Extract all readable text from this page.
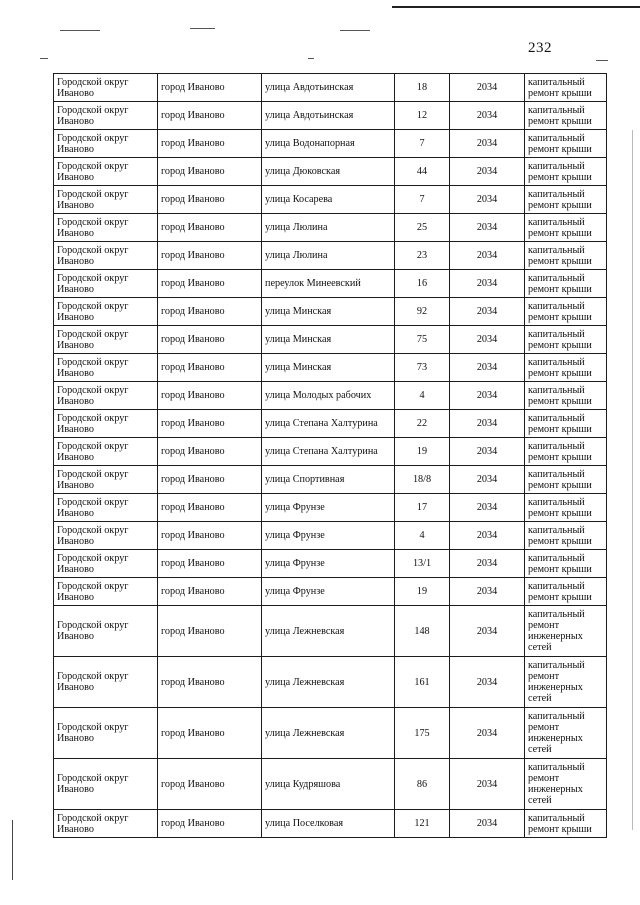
232
Городской округ Иваново	город Иваново	улица Авдотьинская	18	2034	капитальный ремонт крыши
Городской округ Иваново	город Иваново	улица Авдотьинская	12	2034	капитальный ремонт крыши
Городской округ Иваново	город Иваново	улица Водонапорная	7	2034	капитальный ремонт крыши
Городской округ Иваново	город Иваново	улица Дюковская	44	2034	капитальный ремонт крыши
Городской округ Иваново	город Иваново	улица Косарева	7	2034	капитальный ремонт крыши
Городской округ Иваново	город Иваново	улица Люлина	25	2034	капитальный ремонт крыши
Городской округ Иваново	город Иваново	улица Люлина	23	2034	капитальный ремонт крыши
Городской округ Иваново	город Иваново	переулок Минеевский	16	2034	капитальный ремонт крыши
Городской округ Иваново	город Иваново	улица Минская	92	2034	капитальный ремонт крыши
Городской округ Иваново	город Иваново	улица Минская	75	2034	капитальный ремонт крыши
Городской округ Иваново	город Иваново	улица Минская	73	2034	капитальный ремонт крыши
Городской округ Иваново	город Иваново	улица Молодых рабочих	4	2034	капитальный ремонт крыши
Городской округ Иваново	город Иваново	улица Степана Халтурина	22	2034	капитальный ремонт крыши
Городской округ Иваново	город Иваново	улица Степана Халтурина	19	2034	капитальный ремонт крыши
Городской округ Иваново	город Иваново	улица Спортивная	18/8	2034	капитальный ремонт крыши
Городской округ Иваново	город Иваново	улица Фрунзе	17	2034	капитальный ремонт крыши
Городской округ Иваново	город Иваново	улица Фрунзе	4	2034	капитальный ремонт крыши
Городской округ Иваново	город Иваново	улица Фрунзе	13/1	2034	капитальный ремонт крыши
Городской округ Иваново	город Иваново	улица Фрунзе	19	2034	капитальный ремонт крыши
Городской округ Иваново	город Иваново	улица Лежневская	148	2034	капитальный ремонт инженерных сетей
Городской округ Иваново	город Иваново	улица Лежневская	161	2034	капитальный ремонт инженерных сетей
Городской округ Иваново	город Иваново	улица Лежневская	175	2034	капитальный ремонт инженерных сетей
Городской округ Иваново	город Иваново	улица Кудряшова	86	2034	капитальный ремонт инженерных сетей
Городской округ Иваново	город Иваново	улица Поселковая	121	2034	капитальный ремонт крыши
